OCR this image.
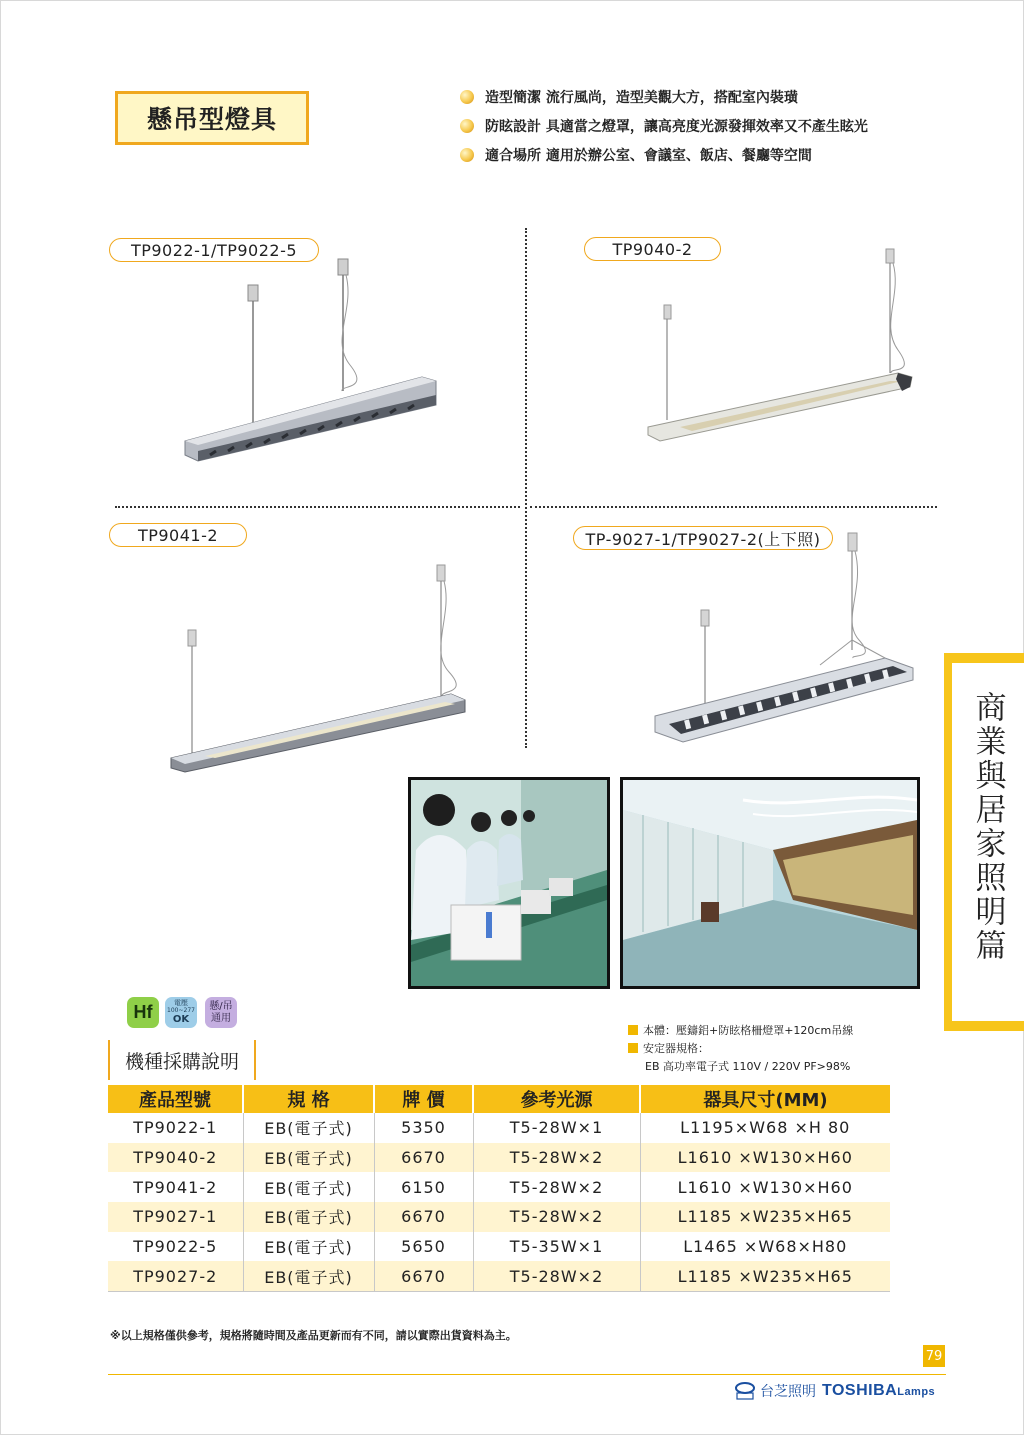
懸吊型燈具
造型簡潔 流行風尚，造型美觀大方，搭配室內裝璜
防眩設計 具適當之燈罩，讓高亮度光源發揮效率又不產生眩光
適合場所 適用於辦公室、會議室、飯店、餐廳等空間
TP9022-1/TP9022-5	TP9040-2
TP9041-2	TP-9027-1/TP9027-2(上下照)
商業與居家照明篇
Hf	電壓
100~277
OK
懸/吊
通用
機種採購說明
本體：壓鑄鋁+防眩格柵燈罩+120cm吊線
安定器規格：
EB 高功率電子式 110V / 220V PF>98%
產品型號	規 格	牌 價	參考光源	器具尺寸(MM)
TP9022-1	EB(電子式)	5350	T5-28W×1	L1195×W68 ×H 80
TP9040-2	EB(電子式)	6670	T5-28W×2	L1610 ×W130×H60
TP9041-2	EB(電子式)	6150	T5-28W×2	L1610 ×W130×H60
TP9027-1	EB(電子式)	6670	T5-28W×2	L1185 ×W235×H65
TP9022-5	EB(電子式)	5650	T5-35W×1	L1465 ×W68×H80
TP9027-2	EB(電子式)	6670	T5-28W×2	L1185 ×W235×H65
※以上規格僅供參考，規格將隨時間及產品更新而有不同，請以實際出貨資料為主。
79
台芝照明 TOSHIBALamps
